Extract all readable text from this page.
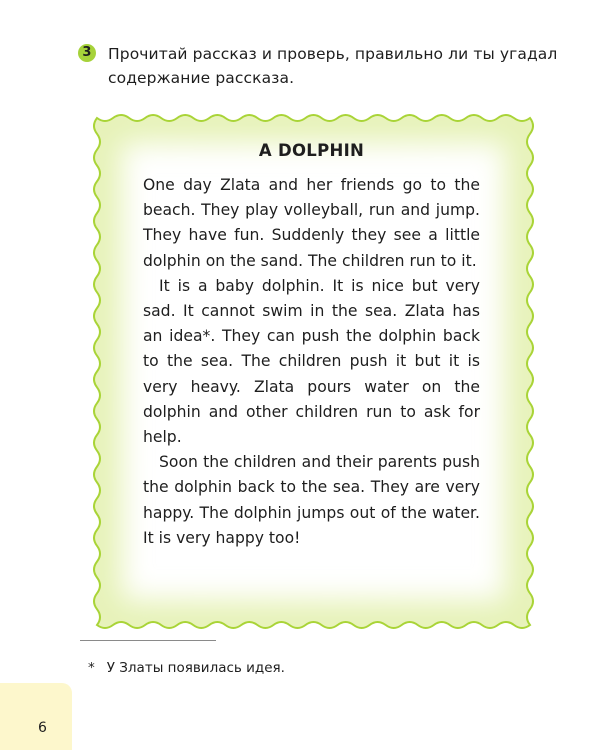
3 Прочитай рассказ и проверь, правильно ли ты угадал содержание рассказа.
A DOLPHIN

One day Zlata and her friends go to the beach. They play volleyball, run and jump. They have fun. Suddenly they see a little dolphin on the sand. The children run to it.

It is a baby dolphin. It is nice but very sad. It cannot swim in the sea. Zlata has an idea*. They can push the dolphin back to the sea. The children push it but it is very heavy. Zlata pours water on the dolphin and other children run to ask for help.

Soon the children and their parents push the dolphin back to the sea. They are very happy. The dolphin jumps out of the water. It is very happy too!

* У Златы появилась идея.
6
